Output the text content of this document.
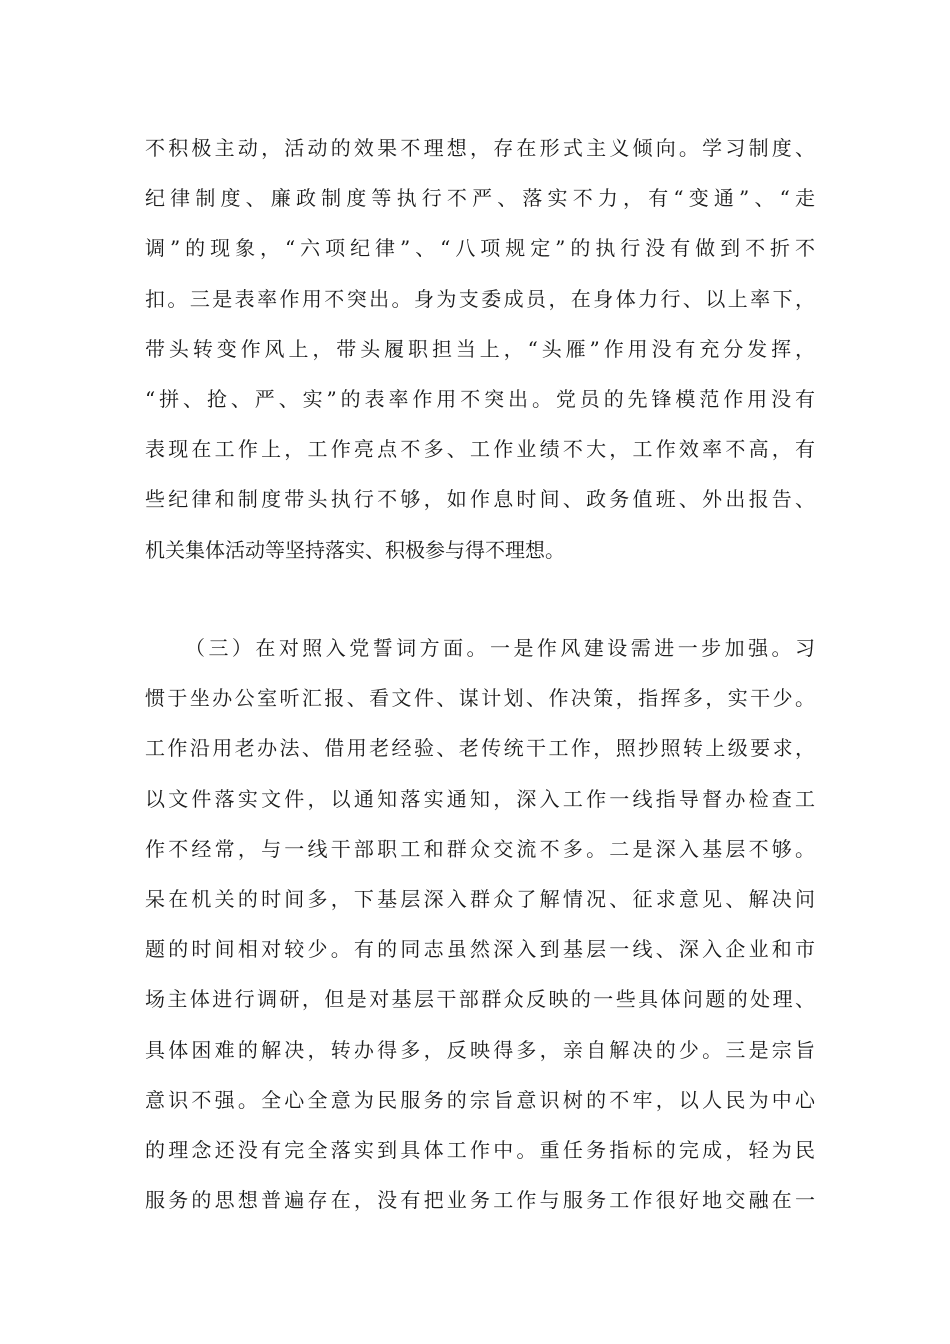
不积极主动，活动的效果不理想，存在形式主义倾向。学习制度、
纪律制度、廉政制度等执行不严、落实不力，有“变通”、“走
调”的现象，“六项纪律”、“八项规定”的执行没有做到不折不
扣。三是表率作用不突出。身为支委成员，在身体力行、以上率下，
带头转变作风上，带头履职担当上，“头雁”作用没有充分发挥，
“拼、抢、严、实”的表率作用不突出。党员的先锋模范作用没有
表现在工作上，工作亮点不多、工作业绩不大，工作效率不高，有
些纪律和制度带头执行不够，如作息时间、政务值班、外出报告、
机关集体活动等坚持落实、积极参与得不理想。
（三）在对照入党誓词方面。一是作风建设需进一步加强。习
惯于坐办公室听汇报、看文件、谋计划、作决策，指挥多，实干少。
工作沿用老办法、借用老经验、老传统干工作，照抄照转上级要求，
以文件落实文件，以通知落实通知，深入工作一线指导督办检查工
作不经常，与一线干部职工和群众交流不多。二是深入基层不够。
呆在机关的时间多，下基层深入群众了解情况、征求意见、解决问
题的时间相对较少。有的同志虽然深入到基层一线、深入企业和市
场主体进行调研，但是对基层干部群众反映的一些具体问题的处理、
具体困难的解决，转办得多，反映得多，亲自解决的少。三是宗旨
意识不强。全心全意为民服务的宗旨意识树的不牢，以人民为中心
的理念还没有完全落实到具体工作中。重任务指标的完成，轻为民
服务的思想普遍存在，没有把业务工作与服务工作很好地交融在一
